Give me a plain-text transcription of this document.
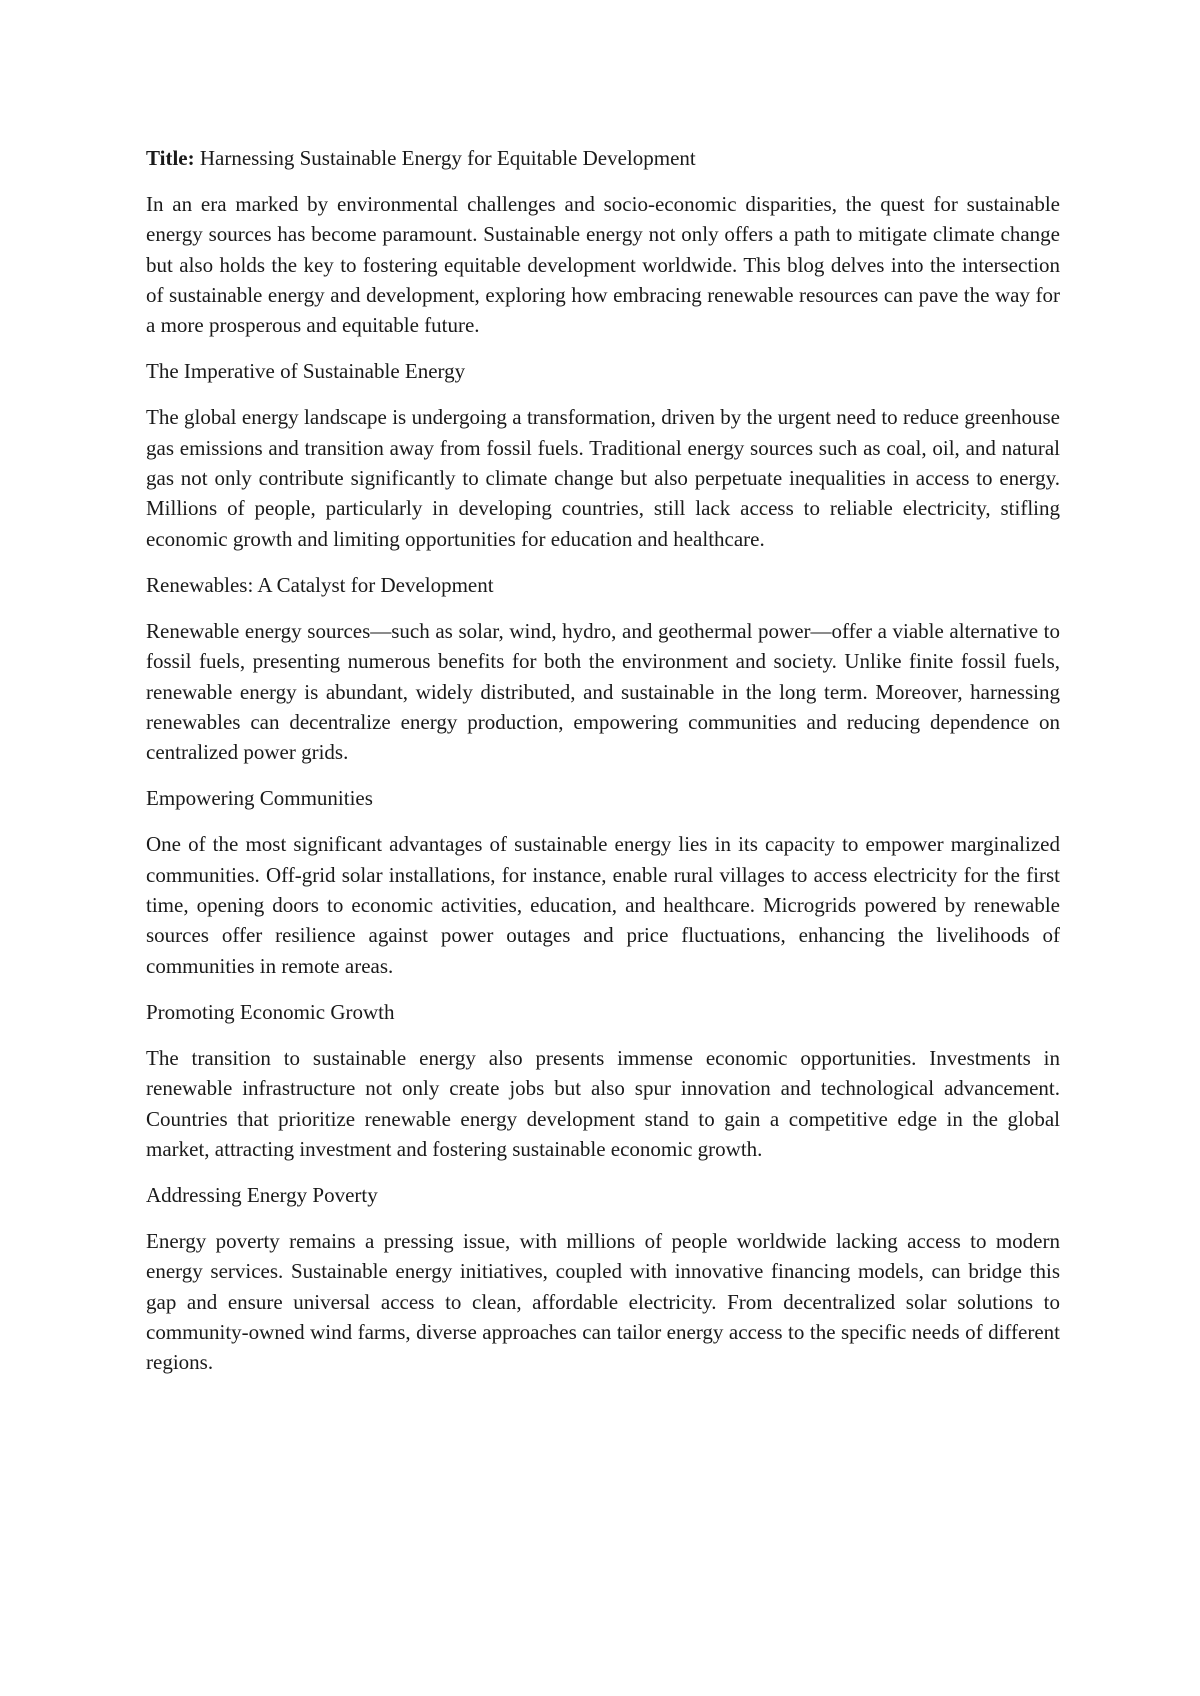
Title: Harnessing Sustainable Energy for Equitable Development

In an era marked by environmental challenges and socio-economic disparities, the quest for sustainable energy sources has become paramount. Sustainable energy not only offers a path to mitigate climate change but also holds the key to fostering equitable development worldwide. This blog delves into the intersection of sustainable energy and development, exploring how embracing renewable resources can pave the way for a more prosperous and equitable future.

The Imperative of Sustainable Energy

The global energy landscape is undergoing a transformation, driven by the urgent need to reduce greenhouse gas emissions and transition away from fossil fuels. Traditional energy sources such as coal, oil, and natural gas not only contribute significantly to climate change but also perpetuate inequalities in access to energy. Millions of people, particularly in developing countries, still lack access to reliable electricity, stifling economic growth and limiting opportunities for education and healthcare.

Renewables: A Catalyst for Development

Renewable energy sources—such as solar, wind, hydro, and geothermal power—offer a viable alternative to fossil fuels, presenting numerous benefits for both the environment and society. Unlike finite fossil fuels, renewable energy is abundant, widely distributed, and sustainable in the long term. Moreover, harnessing renewables can decentralize energy production, empowering communities and reducing dependence on centralized power grids.

Empowering Communities

One of the most significant advantages of sustainable energy lies in its capacity to empower marginalized communities. Off-grid solar installations, for instance, enable rural villages to access electricity for the first time, opening doors to economic activities, education, and healthcare. Microgrids powered by renewable sources offer resilience against power outages and price fluctuations, enhancing the livelihoods of communities in remote areas.

Promoting Economic Growth

The transition to sustainable energy also presents immense economic opportunities. Investments in renewable infrastructure not only create jobs but also spur innovation and technological advancement. Countries that prioritize renewable energy development stand to gain a competitive edge in the global market, attracting investment and fostering sustainable economic growth.

Addressing Energy Poverty

Energy poverty remains a pressing issue, with millions of people worldwide lacking access to modern energy services. Sustainable energy initiatives, coupled with innovative financing models, can bridge this gap and ensure universal access to clean, affordable electricity. From decentralized solar solutions to community-owned wind farms, diverse approaches can tailor energy access to the specific needs of different regions.
